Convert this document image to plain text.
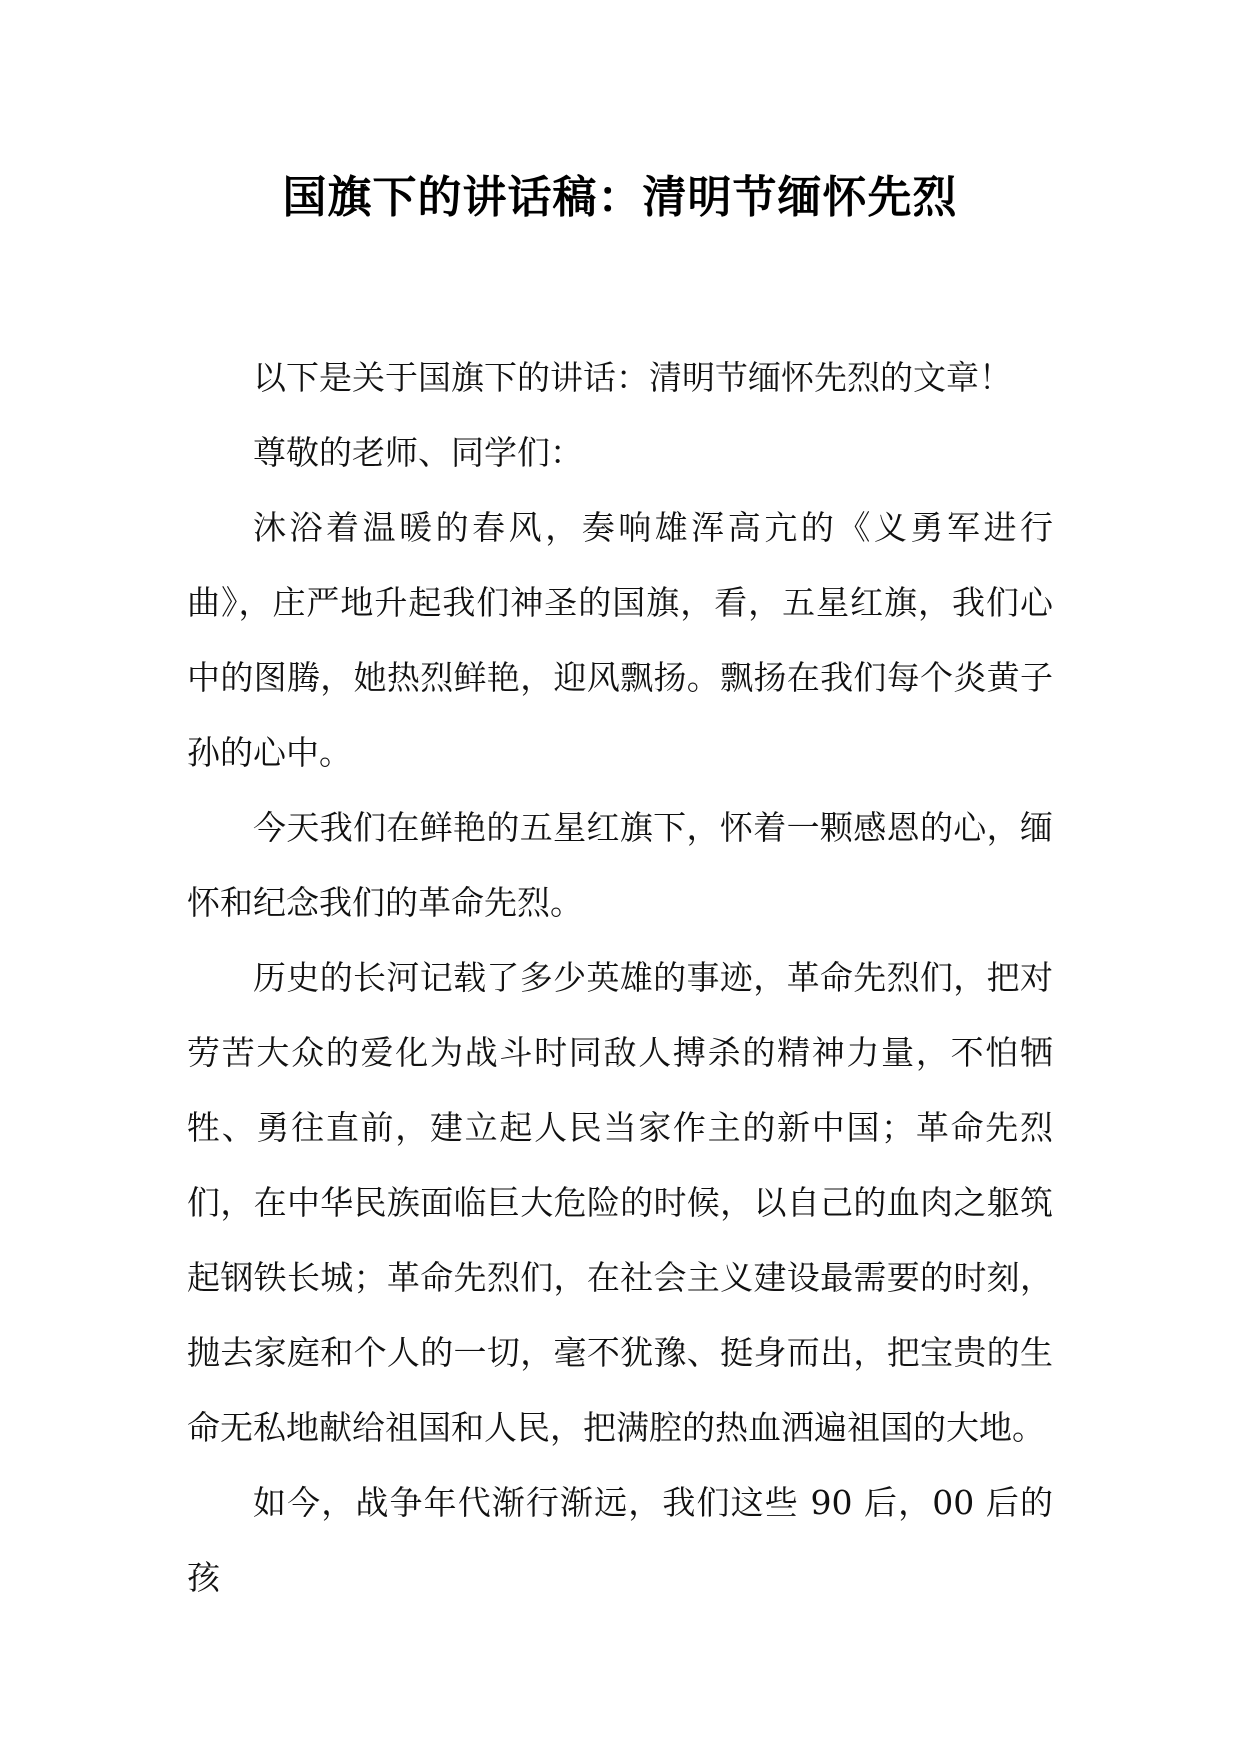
国旗下的讲话稿：清明节缅怀先烈

以下是关于国旗下的讲话：清明节缅怀先烈的文章！

尊敬的老师、同学们：

沐浴着温暖的春风，奏响雄浑高亢的《义勇军进行曲》，庄严地升起我们神圣的国旗，看，五星红旗，我们心中的图腾，她热烈鲜艳，迎风飘扬。飘扬在我们每个炎黄子孙的心中。

今天我们在鲜艳的五星红旗下，怀着一颗感恩的心，缅怀和纪念我们的革命先烈。

历史的长河记载了多少英雄的事迹，革命先烈们，把对劳苦大众的爱化为战斗时同敌人搏杀的精神力量，不怕牺牲、勇往直前，建立起人民当家作主的新中国；革命先烈们，在中华民族面临巨大危险的时候，以自己的血肉之躯筑起钢铁长城；革命先烈们，在社会主义建设最需要的时刻，抛去家庭和个人的一切，毫不犹豫、挺身而出，把宝贵的生命无私地献给祖国和人民，把满腔的热血洒遍祖国的大地。

如今，战争年代渐行渐远，我们这些 90 后，00 后的孩
